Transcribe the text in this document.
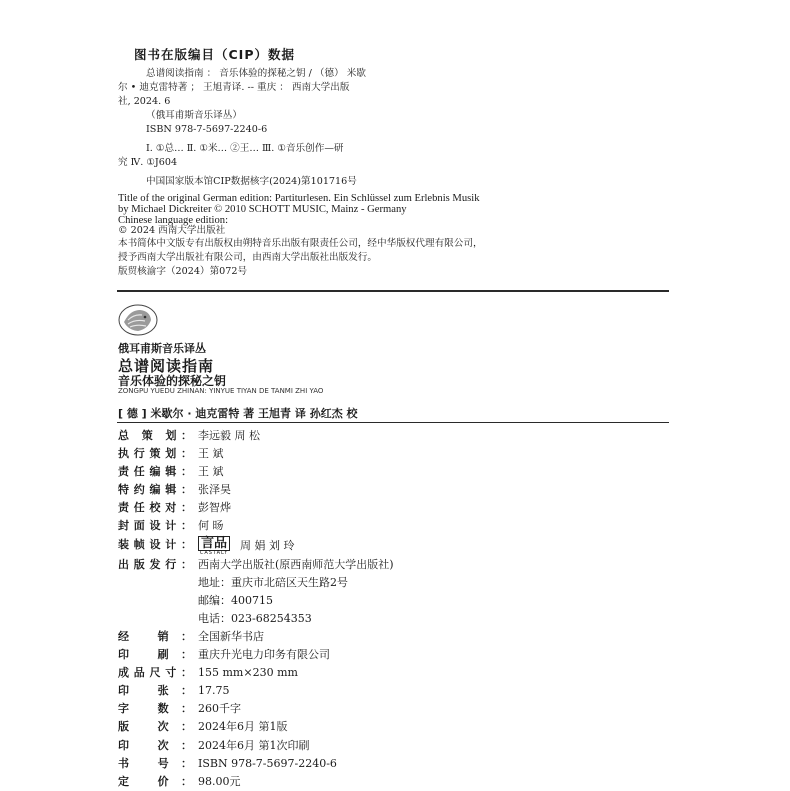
图书在版编目（CIP）数据
总谱阅读指南 ： 音乐体验的探秘之钥 / （德） 米歇
尔 • 迪克雷特著 ； 王旭青译. -- 重庆 ： 西南大学出版
社, 2024. 6
（俄耳甫斯音乐译丛）
ISBN 978-7-5697-2240-6
Ⅰ. ①总… Ⅱ. ①米… ②王… Ⅲ. ①音乐创作—研
究 Ⅳ. ①J604
中国国家版本馆CIP数据核字(2024)第101716号
Title of the original German edition: Partiturlesen. Ein Schlüssel zum Erlebnis Musik
by Michael Dickreiter © 2010 SCHOTT MUSIC, Mainz - Germany
Chinese language edition:
© 2024 西南大学出版社
本书简体中文版专有出版权由朔特音乐出版有限责任公司，经中华版权代理有限公司，
授予西南大学出版社有限公司，由西南大学出版社出版发行。
版贸核渝字（2024）第072号
俄耳甫斯音乐译丛
总谱阅读指南
音乐体验的探秘之钥
ZONGPU YUEDU ZHINAN: YINYUE TIYAN DE TANMI ZHI YAO
[ 德 ] 米歇尔 · 迪克雷特 著 王旭青 译 孙红杰 校
总 策 划： 李远毅 周 松
执行策划： 王 斌
责任编辑： 王 斌
特约编辑： 张泽昊
责任校对： 彭智烨
封面设计： 何 旸
装帧设计： 言品
CASTALY
周 娟 刘 玲
出版发行： 西南大学出版社(原西南师范大学出版社)
地址：重庆市北碚区天生路2号
邮编：400715
电话：023-68254353
经 销： 全国新华书店
印 刷： 重庆升光电力印务有限公司
成品尺寸： 155 mm×230 mm
印 张： 17.75
字 数： 260千字
版 次： 2024年6月 第1版
印 次： 2024年6月 第1次印刷
书 号： ISBN 978-7-5697-2240-6
定 价： 98.00元
